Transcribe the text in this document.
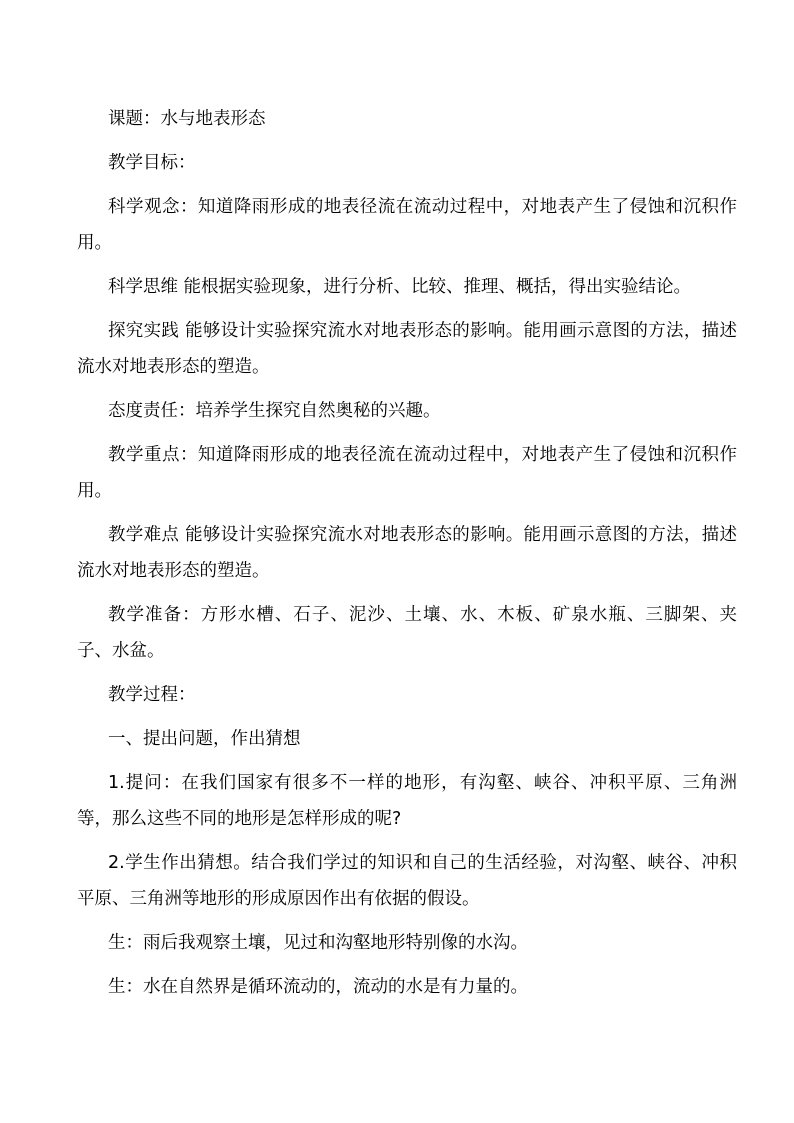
课题：水与地表形态

教学目标：

科学观念：知道降雨形成的地表径流在流动过程中，对地表产生了侵蚀和沉积作用。

科学思维 能根据实验现象，进行分析、比较、推理、概括，得出实验结论。

探究实践 能够设计实验探究流水对地表形态的影响。能用画示意图的方法，描述流水对地表形态的塑造。

态度责任：培养学生探究自然奥秘的兴趣。

教学重点：知道降雨形成的地表径流在流动过程中，对地表产生了侵蚀和沉积作用。

教学难点 能够设计实验探究流水对地表形态的影响。能用画示意图的方法，描述流水对地表形态的塑造。

教学准备：方形水槽、石子、泥沙、土壤、水、木板、矿泉水瓶、三脚架、夹子、水盆。

教学过程：

一、提出问题，作出猜想

1.提问：在我们国家有很多不一样的地形，有沟壑、峡谷、冲积平原、三角洲等，那么这些不同的地形是怎样形成的呢?

2.学生作出猜想。结合我们学过的知识和自己的生活经验，对沟壑、峡谷、冲积平原、三角洲等地形的形成原因作出有依据的假设。

生：雨后我观察土壤，见过和沟壑地形特别像的水沟。

生：水在自然界是循环流动的，流动的水是有力量的。
